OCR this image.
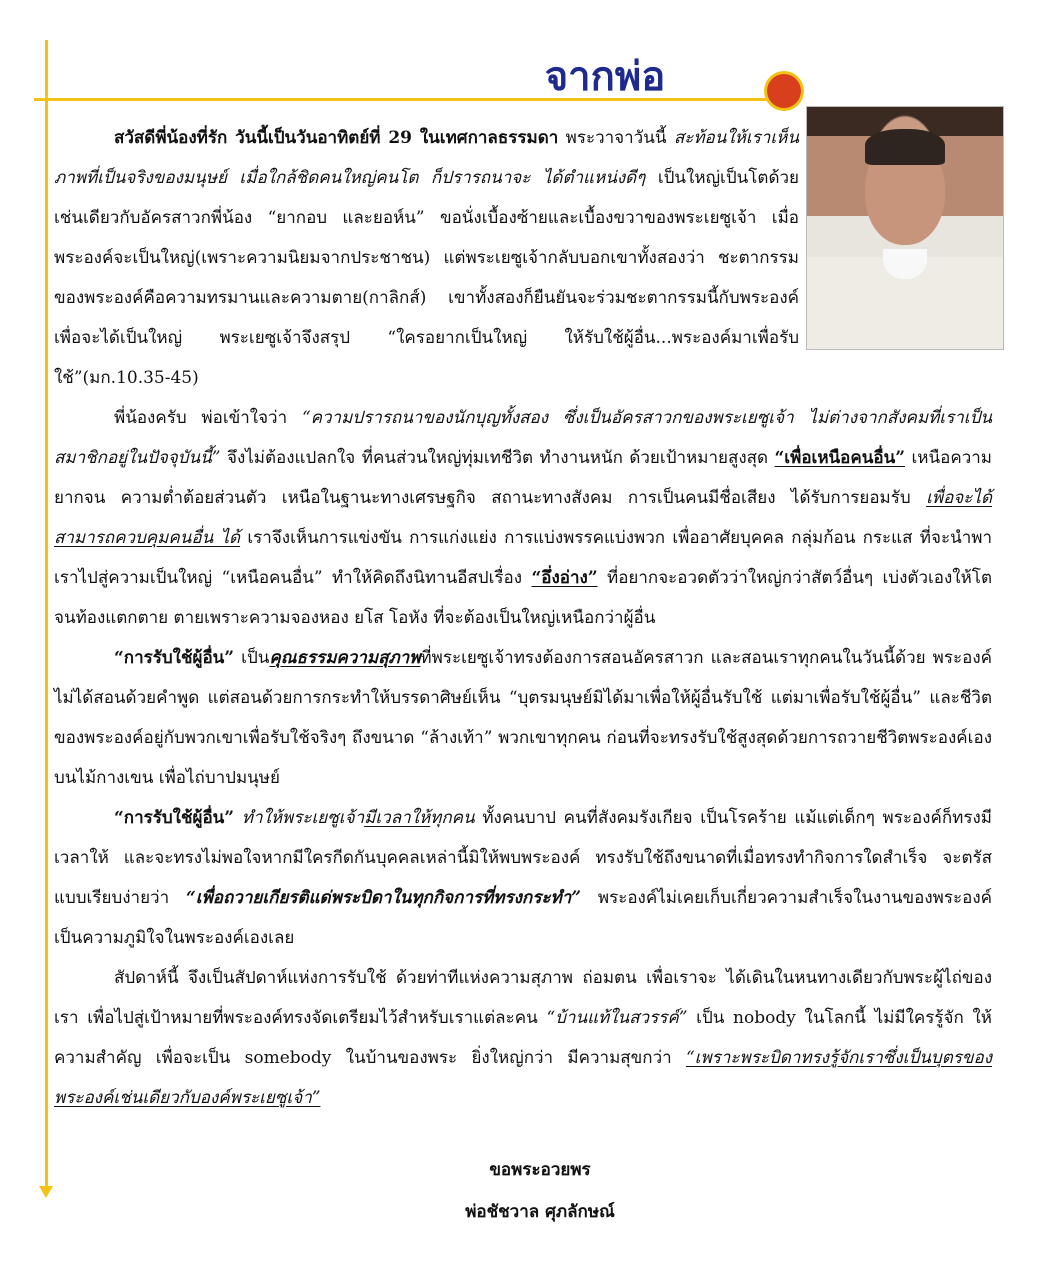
จากพ่อ

สวัสดีพี่น้องที่รัก วันนี้เป็นวันอาทิตย์ที่ 29 ในเทศกาลธรรมดา พระวาจาวันนี้ สะท้อนให้เราเห็นภาพที่เป็นจริงของมนุษย์ เมื่อใกล้ชิดคนใหญ่คนโต ก็ปรารถนาจะ ได้ตำแหน่งดีๆ เป็นใหญ่เป็นโตด้วย เช่นเดียวกับอัครสาวกพี่น้อง “ยากอบ และยอห์น” ขอนั่งเบื้องซ้ายและเบื้องขวาของพระเยซูเจ้า เมื่อพระองค์จะเป็นใหญ่(เพราะความนิยมจากประชาชน) แต่พระเยซูเจ้ากลับบอกเขาทั้งสองว่า ชะตากรรมของพระองค์คือความทรมานและความตาย(กาลิกส์) เขาทั้งสองก็ยืนยันจะร่วมชะตากรรมนี้กับพระองค์ เพื่อจะได้เป็นใหญ่ พระเยซูเจ้าจึงสรุป “ใครอยากเป็นใหญ่ ให้รับใช้ผู้อื่น...พระองค์มาเพื่อรับใช้”(มก.10.35-45)

พี่น้องครับ พ่อเข้าใจว่า “ความปรารถนาของนักบุญทั้งสอง ซึ่งเป็นอัครสาวกของพระเยซูเจ้า ไม่ต่างจากสังคมที่เราเป็นสมาชิกอยู่ในปัจจุบันนี้” จึงไม่ต้องแปลกใจ ที่คนส่วนใหญ่ทุ่มเทชีวิต ทำงานหนัก ด้วยเป้าหมายสูงสุด “เพื่อเหนือคนอื่น” เหนือความยากจน ความต่ำต้อยส่วนตัว เหนือในฐานะทางเศรษฐกิจ สถานะทางสังคม การเป็นคนมีชื่อเสียง ได้รับการยอมรับ เพื่อจะได้สามารถควบคุมคนอื่น ได้ เราจึงเห็นการแข่งขัน การแก่งแย่ง การแบ่งพรรคแบ่งพวก เพื่ออาศัยบุคคล กลุ่มก้อน กระแส ที่จะนำพาเราไปสู่ความเป็นใหญ่ “เหนือคนอื่น” ทำให้คิดถึงนิทานอีสปเรื่อง “อึ่งอ่าง” ที่อยากจะอวดตัวว่าใหญ่กว่าสัตว์อื่นๆ เบ่งตัวเองให้โต จนท้องแตกตาย ตายเพราะความจองหอง ยโส โอหัง ที่จะต้องเป็นใหญ่เหนือกว่าผู้อื่น

“การรับใช้ผู้อื่น” เป็นคุณธรรมความสุภาพที่พระเยซูเจ้าทรงต้องการสอนอัครสาวก และสอนเราทุกคนในวันนี้ด้วย พระองค์ไม่ได้สอนด้วยคำพูด แต่สอนด้วยการกระทำให้บรรดาศิษย์เห็น “บุตรมนุษย์มิได้มาเพื่อให้ผู้อื่นรับใช้ แต่มาเพื่อรับใช้ผู้อื่น” และชีวิตของพระองค์อยู่กับพวกเขาเพื่อรับใช้จริงๆ ถึงขนาด “ล้างเท้า” พวกเขาทุกคน ก่อนที่จะทรงรับใช้สูงสุดด้วยการถวายชีวิตพระองค์เองบนไม้กางเขน เพื่อไถ่บาปมนุษย์

“การรับใช้ผู้อื่น” ทำให้พระเยซูเจ้ามีเวลาให้ทุกคน ทั้งคนบาป คนที่สังคมรังเกียจ เป็นโรคร้าย แม้แต่เด็กๆ พระองค์ก็ทรงมีเวลาให้ และจะทรงไม่พอใจหากมีใครกีดกันบุคคลเหล่านี้มิให้พบพระองค์ ทรงรับใช้ถึงขนาดที่เมื่อทรงทำกิจการใดสำเร็จ จะตรัสแบบเรียบง่ายว่า “เพื่อถวายเกียรติแด่พระบิดาในทุกกิจการที่ทรงกระทำ” พระองค์ไม่เคยเก็บเกี่ยวความสำเร็จในงานของพระองค์ เป็นความภูมิใจในพระองค์เองเลย

สัปดาห์นี้ จึงเป็นสัปดาห์แห่งการรับใช้ ด้วยท่าทีแห่งความสุภาพ ถ่อมตน เพื่อเราจะ ได้เดินในหนทางเดียวกับพระผู้ไถ่ของเรา เพื่อไปสู่เป้าหมายที่พระองค์ทรงจัดเตรียมไว้สำหรับเราแต่ละคน “บ้านแท้ในสวรรค์” เป็น nobody ในโลกนี้ ไม่มีใครรู้จัก ให้ความสำคัญ เพื่อจะเป็น somebody ในบ้านของพระ ยิ่งใหญ่กว่า มีความสุขกว่า “เพราะพระบิดาทรงรู้จักเราซึ่งเป็นบุตรของพระองค์เช่นเดียวกับองค์พระเยซูเจ้า”

ขอพระอวยพร

พ่อชัชวาล ศุภลักษณ์
